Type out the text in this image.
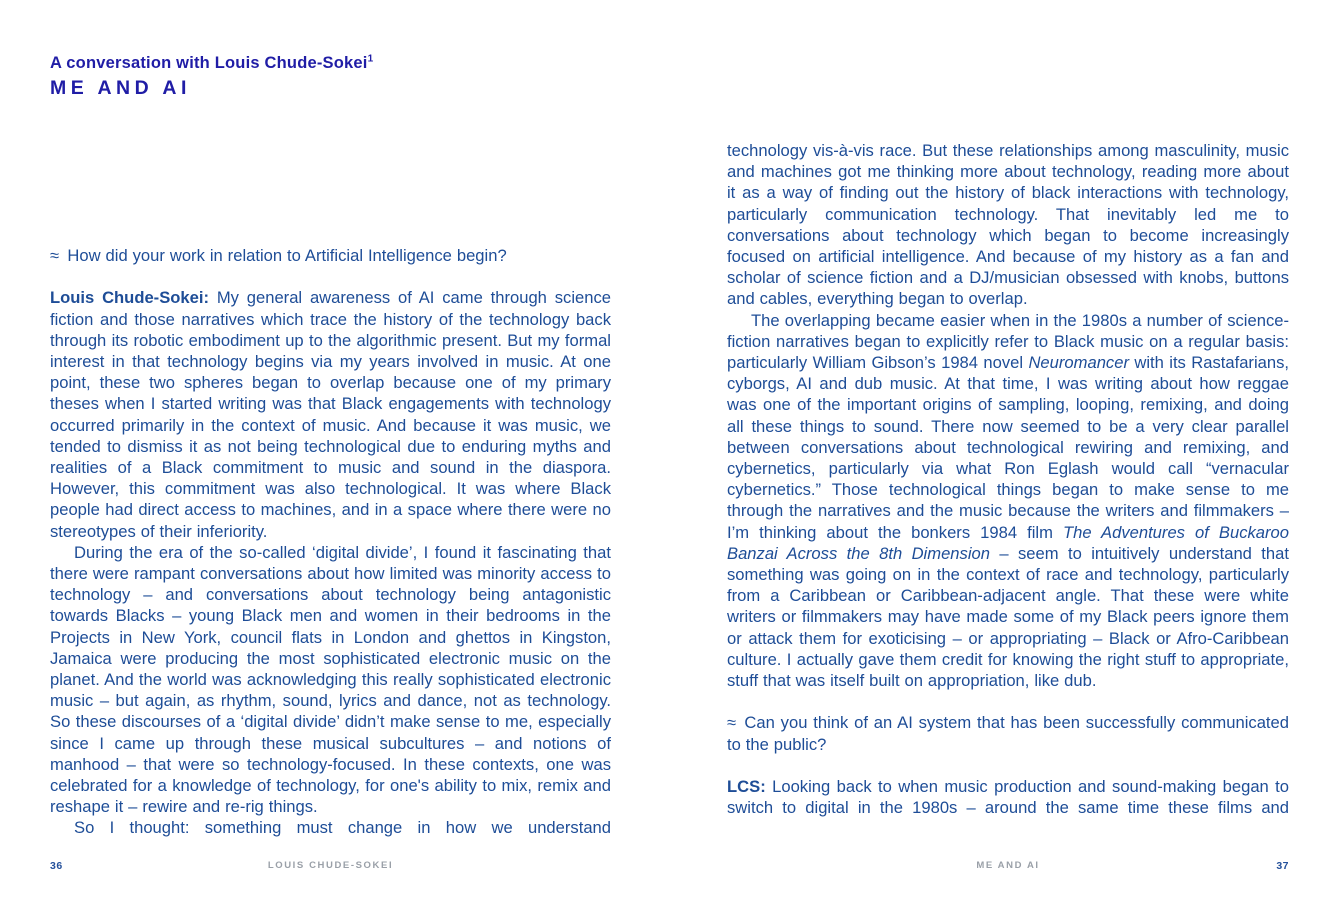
A conversation with Louis Chude-Sokei$^1$
ME AND AI

≈ How did your work in relation to Artificial Intelligence begin?

Louis Chude-Sokei: My general awareness of AI came through science fiction and those narratives which trace the history of the technology back through its robotic embodiment up to the algorithmic present. But my formal interest in that technology begins via my years involved in music. At one point, these two spheres began to overlap because one of my primary theses when I started writing was that Black engagements with technology occurred primarily in the context of music. And because it was music, we tended to dismiss it as not being technological due to enduring myths and realities of a Black commitment to music and sound in the diaspora. However, this commitment was also technological. It was where Black people had direct access to machines, and in a space where there were no stereotypes of their inferiority.

During the era of the so-called ‘digital divide’, I found it fascinating that there were rampant conversations about how limited was minority access to technology – and conversations about technology being antagonistic towards Blacks – young Black men and women in their bedrooms in the Projects in New York, council flats in London and ghettos in Kingston, Jamaica were producing the most sophisticated electronic music on the planet. And the world was acknowledging this really sophisticated electronic music – but again, as rhythm, sound, lyrics and dance, not as technology. So these discourses of a ‘digital divide’ didn’t make sense to me, especially since I came up through these musical subcultures – and notions of manhood – that were so technology-focused. In these contexts, one was celebrated for a knowledge of technology, for one's ability to mix, remix and reshape it – rewire and re-rig things.

So I thought: something must change in how we understand

technology vis-à-vis race. But these relationships among masculinity, music and machines got me thinking more about technology, reading more about it as a way of finding out the history of black interactions with technology, particularly communication technology. That inevitably led me to conversations about technology which began to become increasingly focused on artificial intelligence. And because of my history as a fan and scholar of science fiction and a DJ/musician obsessed with knobs, buttons and cables, everything began to overlap.

The overlapping became easier when in the 1980s a number of science-fiction narratives began to explicitly refer to Black music on a regular basis: particularly William Gibson’s 1984 novel Neuromancer with its Rastafarians, cyborgs, AI and dub music. At that time, I was writing about how reggae was one of the important origins of sampling, looping, remixing, and doing all these things to sound. There now seemed to be a very clear parallel between conversations about technological rewiring and remixing, and cybernetics, particularly via what Ron Eglash would call “vernacular cybernetics.” Those technological things began to make sense to me through the narratives and the music because the writers and filmmakers – I’m thinking about the bonkers 1984 film The Adventures of Buckaroo Banzai Across the 8th Dimension – seem to intuitively understand that something was going on in the context of race and technology, particularly from a Caribbean or Caribbean-adjacent angle. That these were white writers or filmmakers may have made some of my Black peers ignore them or attack them for exoticising – or appropriating – Black or Afro-Caribbean culture. I actually gave them credit for knowing the right stuff to appropriate, stuff that was itself built on appropriation, like dub.

≈ Can you think of an AI system that has been successfully communicated to the public?

LCS: Looking back to when music production and sound-making began to switch to digital in the 1980s – around the same time these films and

36	LOUIS CHUDE-SOKEI	ME AND AI	37
